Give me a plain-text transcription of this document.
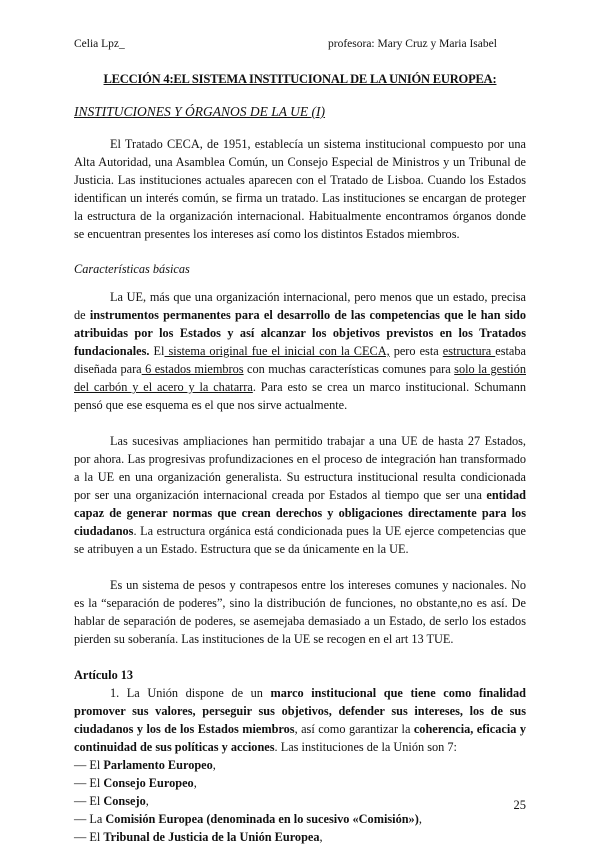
Celia Lpz_	profesora: Mary Cruz y Maria Isabel

LECCIÓN 4:EL SISTEMA INSTITUCIONAL DE LA UNIÓN EUROPEA:

INSTITUCIONES Y ÓRGANOS DE LA UE (I)

El Tratado CECA, de 1951, establecía un sistema institucional compuesto por una Alta Autoridad, una Asamblea Común, un Consejo Especial de Ministros y un Tribunal de Justicia. Las instituciones actuales aparecen con el Tratado de Lisboa. Cuando los Estados identifican un interés común, se firma un tratado. Las instituciones se encargan de proteger la estructura de la organización internacional. Habitualmente encontramos órganos donde se encuentran presentes los intereses así como los distintos Estados miembros.

Características básicas

La UE, más que una organización internacional, pero menos que un estado, precisa de instrumentos permanentes para el desarrollo de las competencias que le han sido atribuidas por los Estados y así alcanzar los objetivos previstos en los Tratados fundacionales. El sistema original fue el inicial con la CECA, pero esta estructura estaba diseñada para 6 estados miembros con muchas características comunes para solo la gestión del carbón y el acero y la chatarra. Para esto se crea un marco institucional. Schumann pensó que ese esquema es el que nos sirve actualmente.

Las sucesivas ampliaciones han permitido trabajar a una UE de hasta 27 Estados, por ahora. Las progresivas profundizaciones en el proceso de integración han transformado a la UE en una organización generalista. Su estructura institucional resulta condicionada por ser una organización internacional creada por Estados al tiempo que ser una entidad capaz de generar normas que crean derechos y obligaciones directamente para los ciudadanos. La estructura orgánica está condicionada pues la UE ejerce competencias que se atribuyen a un Estado. Estructura que se da únicamente en la UE.

Es un sistema de pesos y contrapesos entre los intereses comunes y nacionales. No es la “separación de poderes”, sino la distribución de funciones, no obstante,no es así. De hablar de separación de poderes, se asemejaba demasiado a un Estado, de serlo los estados pierden su soberanía. Las instituciones de la UE se recogen en el art 13 TUE.

Artículo 13

1. La Unión dispone de un marco institucional que tiene como finalidad promover sus valores, perseguir sus objetivos, defender sus intereses, los de sus ciudadanos y los de los Estados miembros, así como garantizar la coherencia, eficacia y continuidad de sus políticas y acciones. Las instituciones de la Unión son 7:

— El Parlamento Europeo,

— El Consejo Europeo,

— El Consejo,

— La Comisión Europea (denominada en lo sucesivo «Comisión»),

— El Tribunal de Justicia de la Unión Europea,

25
